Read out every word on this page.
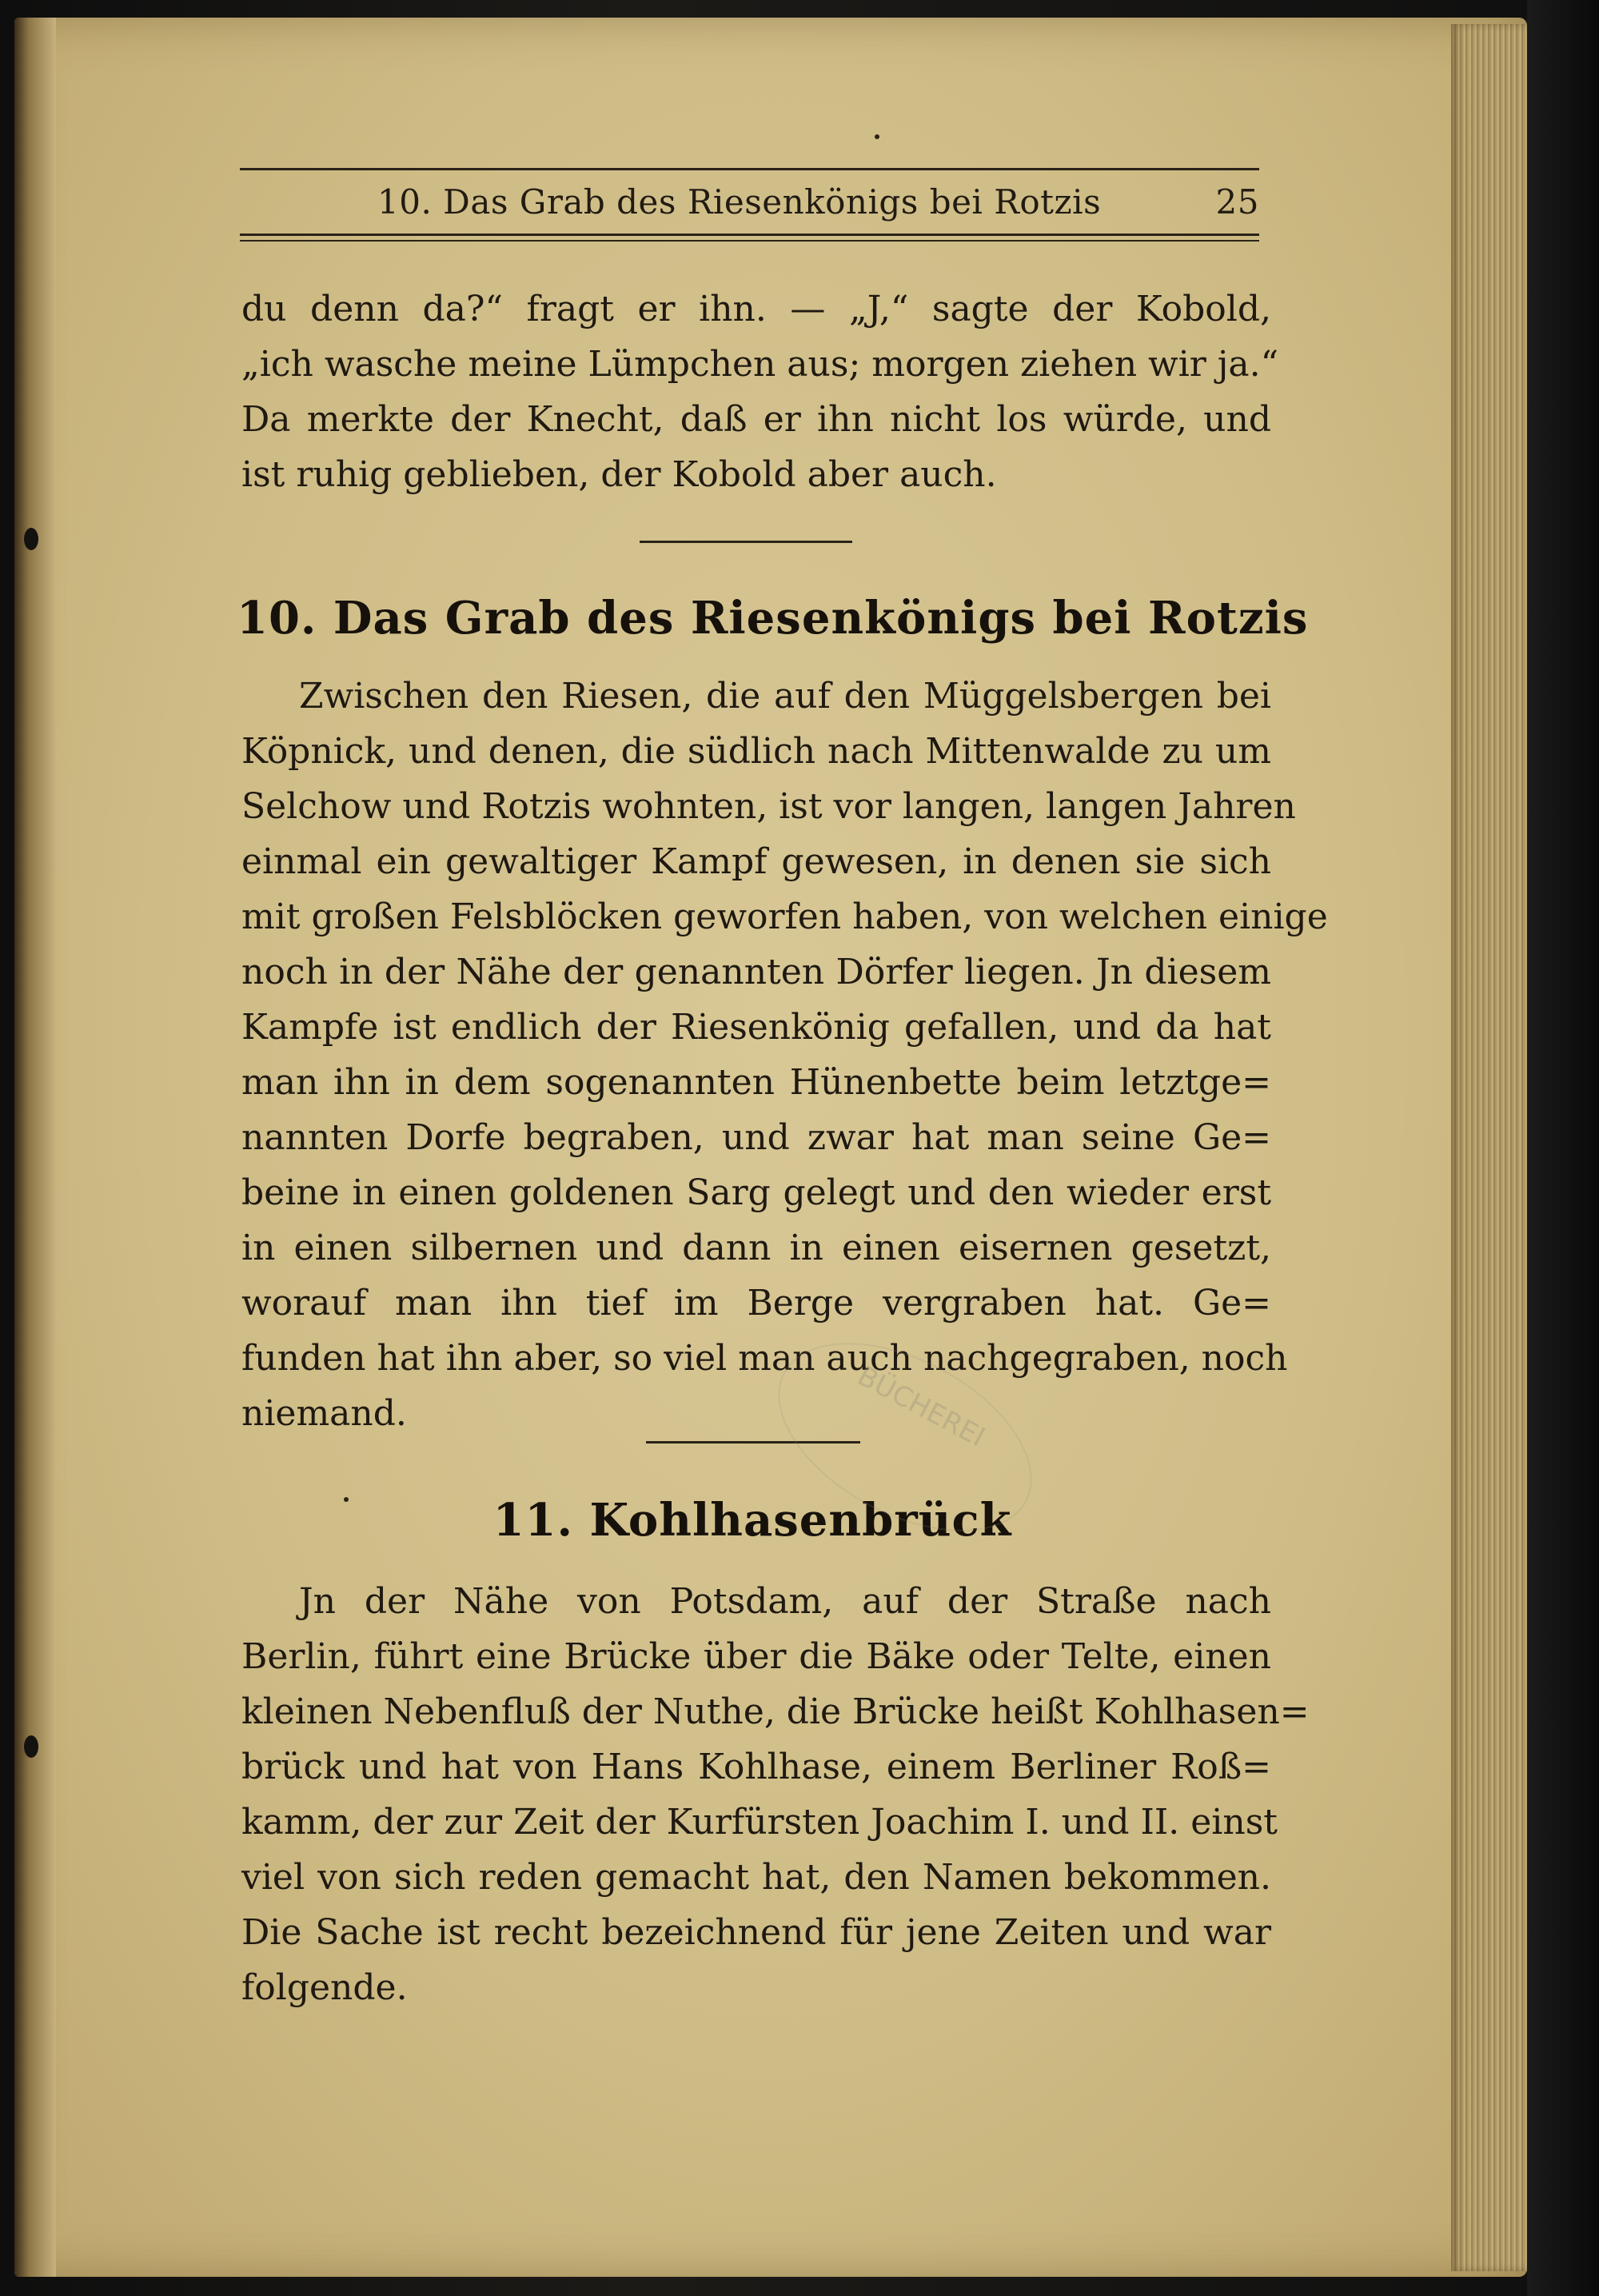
10. Das Grab des Riesenkönigs bei Rotzis	25
du denn da?“ fragt er ihn. — „J,“ sagte der Kobold,
„ich wasche meine Lümpchen aus; morgen ziehen wir ja.“
Da merkte der Knecht, daß er ihn nicht los würde, und
ist ruhig geblieben, der Kobold aber auch.
10. Das Grab des Riesenkönigs bei Rotzis
Zwischen den Riesen, die auf den Müggelsbergen bei
Köpnick, und denen, die südlich nach Mittenwalde zu um
Selchow und Rotzis wohnten, ist vor langen, langen Jahren
einmal ein gewaltiger Kampf gewesen, in denen sie sich
mit großen Felsblöcken geworfen haben, von welchen einige
noch in der Nähe der genannten Dörfer liegen. Jn diesem
Kampfe ist endlich der Riesenkönig gefallen, und da hat
man ihn in dem sogenannten Hünenbette beim letztge=
nannten Dorfe begraben, und zwar hat man seine Ge=
beine in einen goldenen Sarg gelegt und den wieder erst
in einen silbernen und dann in einen eisernen gesetzt,
worauf man ihn tief im Berge vergraben hat. Ge=
funden hat ihn aber, so viel man auch nachgegraben, noch
niemand.
11. Kohlhasenbrück
Jn der Nähe von Potsdam, auf der Straße nach
Berlin, führt eine Brücke über die Bäke oder Telte, einen
kleinen Nebenfluß der Nuthe, die Brücke heißt Kohlhasen=
brück und hat von Hans Kohlhase, einem Berliner Roß=
kamm, der zur Zeit der Kurfürsten Joachim I. und II. einst
viel von sich reden gemacht hat, den Namen bekommen.
Die Sache ist recht bezeichnend für jene Zeiten und war
folgende.
BÜCHEREI
